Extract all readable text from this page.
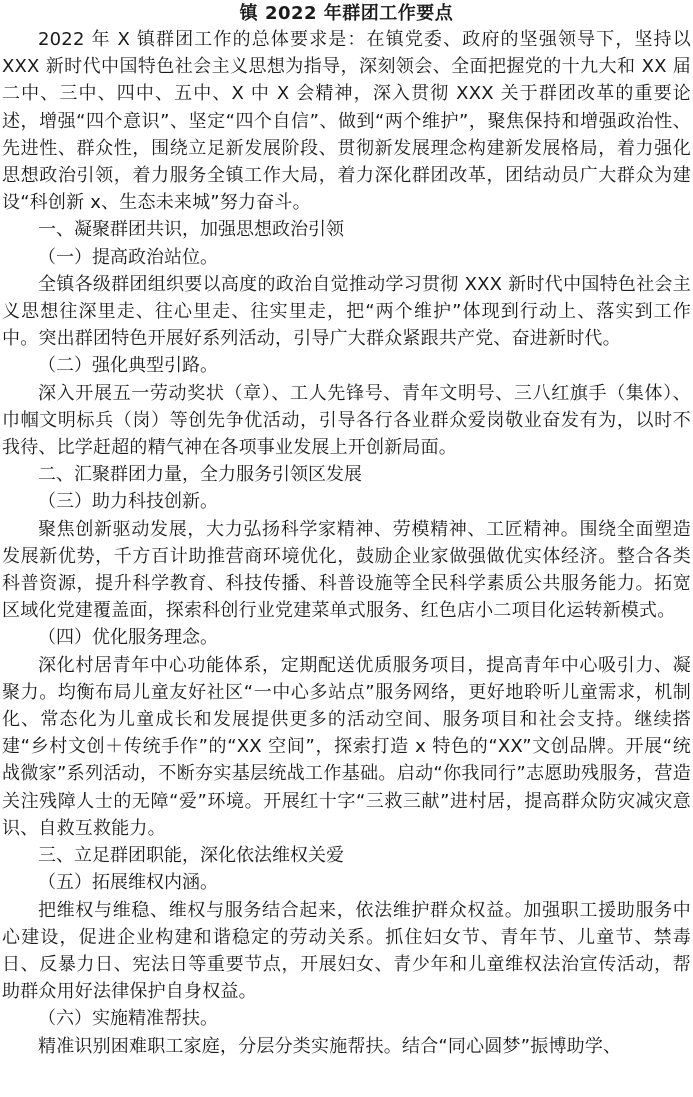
镇 2022 年群团工作要点

2022 年 X 镇群团工作的总体要求是：在镇党委、政府的坚强领导下，坚持以 XXX 新时代中国特色社会主义思想为指导，深刻领会、全面把握党的十九大和 XX 届二中、三中、四中、五中、X 中 X 会精神，深入贯彻 XXX 关于群团改革的重要论述，增强“四个意识”、坚定“四个自信”、做到“两个维护”，聚焦保持和增强政治性、先进性、群众性，围绕立足新发展阶段、贯彻新发展理念构建新发展格局，着力强化思想政治引领，着力服务全镇工作大局，着力深化群团改革，团结动员广大群众为建设“科创新 x、生态未来城”努力奋斗。

一、凝聚群团共识，加强思想政治引领

（一）提高政治站位。

全镇各级群团组织要以高度的政治自觉推动学习贯彻 XXX 新时代中国特色社会主义思想往深里走、往心里走、往实里走，把“两个维护”体现到行动上、落实到工作中。突出群团特色开展好系列活动，引导广大群众紧跟共产党、奋进新时代。

（二）强化典型引路。

深入开展五一劳动奖状（章）、工人先锋号、青年文明号、三八红旗手（集体）、巾帼文明标兵（岗）等创先争优活动，引导各行各业群众爱岗敬业奋发有为，以时不我待、比学赶超的精气神在各项事业发展上开创新局面。

二、汇聚群团力量，全力服务引领区发展

（三）助力科技创新。

聚焦创新驱动发展，大力弘扬科学家精神、劳模精神、工匠精神。围绕全面塑造发展新优势，千方百计助推营商环境优化，鼓励企业家做强做优实体经济。整合各类科普资源，提升科学教育、科技传播、科普设施等全民科学素质公共服务能力。拓宽区域化党建覆盖面，探索科创行业党建菜单式服务、红色店小二项目化运转新模式。

（四）优化服务理念。

深化村居青年中心功能体系，定期配送优质服务项目，提高青年中心吸引力、凝聚力。均衡布局儿童友好社区“一中心多站点”服务网络，更好地聆听儿童需求，机制化、常态化为儿童成长和发展提供更多的活动空间、服务项目和社会支持。继续搭建“乡村文创＋传统手作”的“XX 空间”，探索打造 x 特色的“XX”文创品牌。开展“统战微家”系列活动，不断夯实基层统战工作基础。启动“你我同行”志愿助残服务，营造关注残障人士的无障“爱”环境。开展红十字“三救三献”进村居，提高群众防灾减灾意识、自救互救能力。

三、立足群团职能，深化依法维权关爱

（五）拓展维权内涵。

把维权与维稳、维权与服务结合起来，依法维护群众权益。加强职工援助服务中心建设，促进企业构建和谐稳定的劳动关系。抓住妇女节、青年节、儿童节、禁毒日、反暴力日、宪法日等重要节点，开展妇女、青少年和儿童维权法治宣传活动，帮助群众用好法律保护自身权益。

（六）实施精准帮扶。

精准识别困难职工家庭，分层分类实施帮扶。结合“同心圆梦”振博助学、
